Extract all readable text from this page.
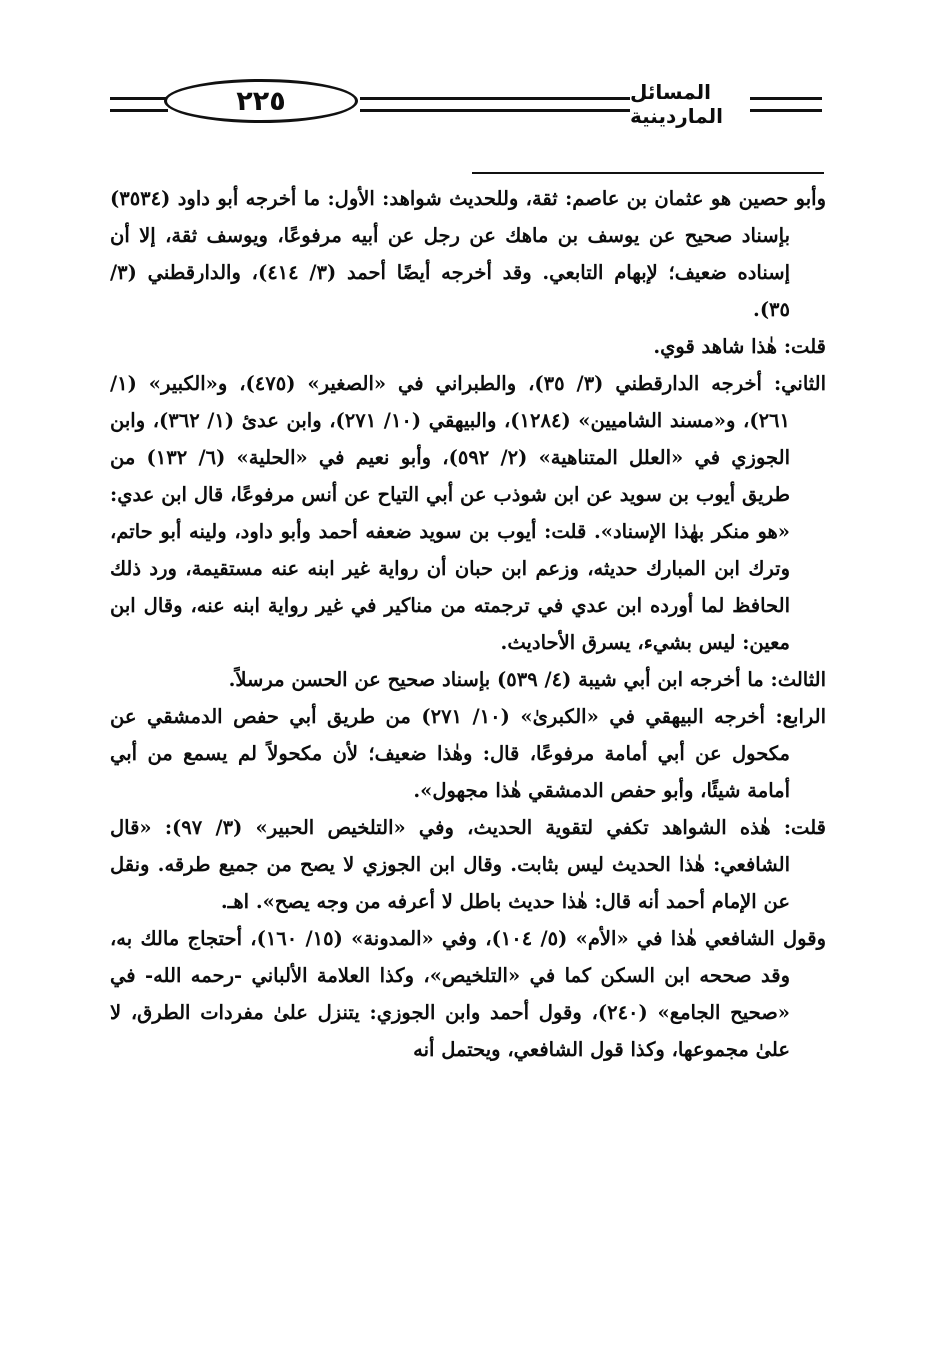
٢٢٥	المسائل الماردينية

وأبو حصين هو عثمان بن عاصم: ثقة، وللحديث شواهد: الأول: ما أخرجه أبو داود (٣٥٣٤) بإسناد صحيح عن يوسف بن ماهك عن رجل عن أبيه مرفوعًا، ويوسف ثقة، إلا أن إسناده ضعيف؛ لإبهام التابعي. وقد أخرجه أيضًا أحمد (٣/ ٤١٤)، والدارقطني (٣/ ٣٥).

قلت: هٰذا شاهد قوي.

الثاني: أخرجه الدارقطني (٣/ ٣٥)، والطبراني في «الصغير» (٤٧٥)، و«الكبير» (١/ ٢٦١)، و«مسند الشاميين» (١٢٨٤)، والبيهقي (١٠/ ٢٧١)، وابن عدئ (١/ ٣٦٢)، وابن الجوزي في «العلل المتناهية» (٢/ ٥٩٢)، وأبو نعيم في «الحلية» (٦/ ١٣٢) من طريق أيوب بن سويد عن ابن شوذب عن أبي التياح عن أنس مرفوعًا، قال ابن عدي: «هو منكر بهٰذا الإسناد». قلت: أيوب بن سويد ضعفه أحمد وأبو داود، ولينه أبو حاتم، وترك ابن المبارك حديثه، وزعم ابن حبان أن رواية غير ابنه عنه مستقيمة، ورد ذلك الحافظ لما أورده ابن عدي في ترجمته من مناكير في غير رواية ابنه عنه، وقال ابن معين: ليس بشيء، يسرق الأحاديث.

الثالث: ما أخرجه ابن أبي شيبة (٤/ ٥٣٩) بإسناد صحيح عن الحسن مرسلاً.

الرابع: أخرجه البيهقي في «الكبرىٰ» (١٠/ ٢٧١) من طريق أبي حفص الدمشقي عن مكحول عن أبي أمامة مرفوعًا، قال: وهٰذا ضعيف؛ لأن مكحولاً لم يسمع من أبي أمامة شيئًا، وأبو حفص الدمشقي هٰذا مجهول».

قلت: هٰذه الشواهد تكفي لتقوية الحديث، وفي «التلخيص الحبير» (٣/ ٩٧): «قال الشافعي: هٰذا الحديث ليس بثابت. وقال ابن الجوزي لا يصح من جميع طرقه. ونقل عن الإمام أحمد أنه قال: هٰذا حديث باطل لا أعرفه من وجه يصح». اهـ.

وقول الشافعي هٰذا في «الأم» (٥/ ١٠٤)، وفي «المدونة» (١٥/ ١٦٠)، أحتجاج مالك به، وقد صححه ابن السكن كما في «التلخيص»، وكذا العلامة الألباني -رحمه الله- في «صحيح الجامع» (٢٤٠)، وقول أحمد وابن الجوزي: يتنزل علىٰ مفردات الطرق، لا علىٰ مجموعها، وكذا قول الشافعي، ويحتمل أنه
